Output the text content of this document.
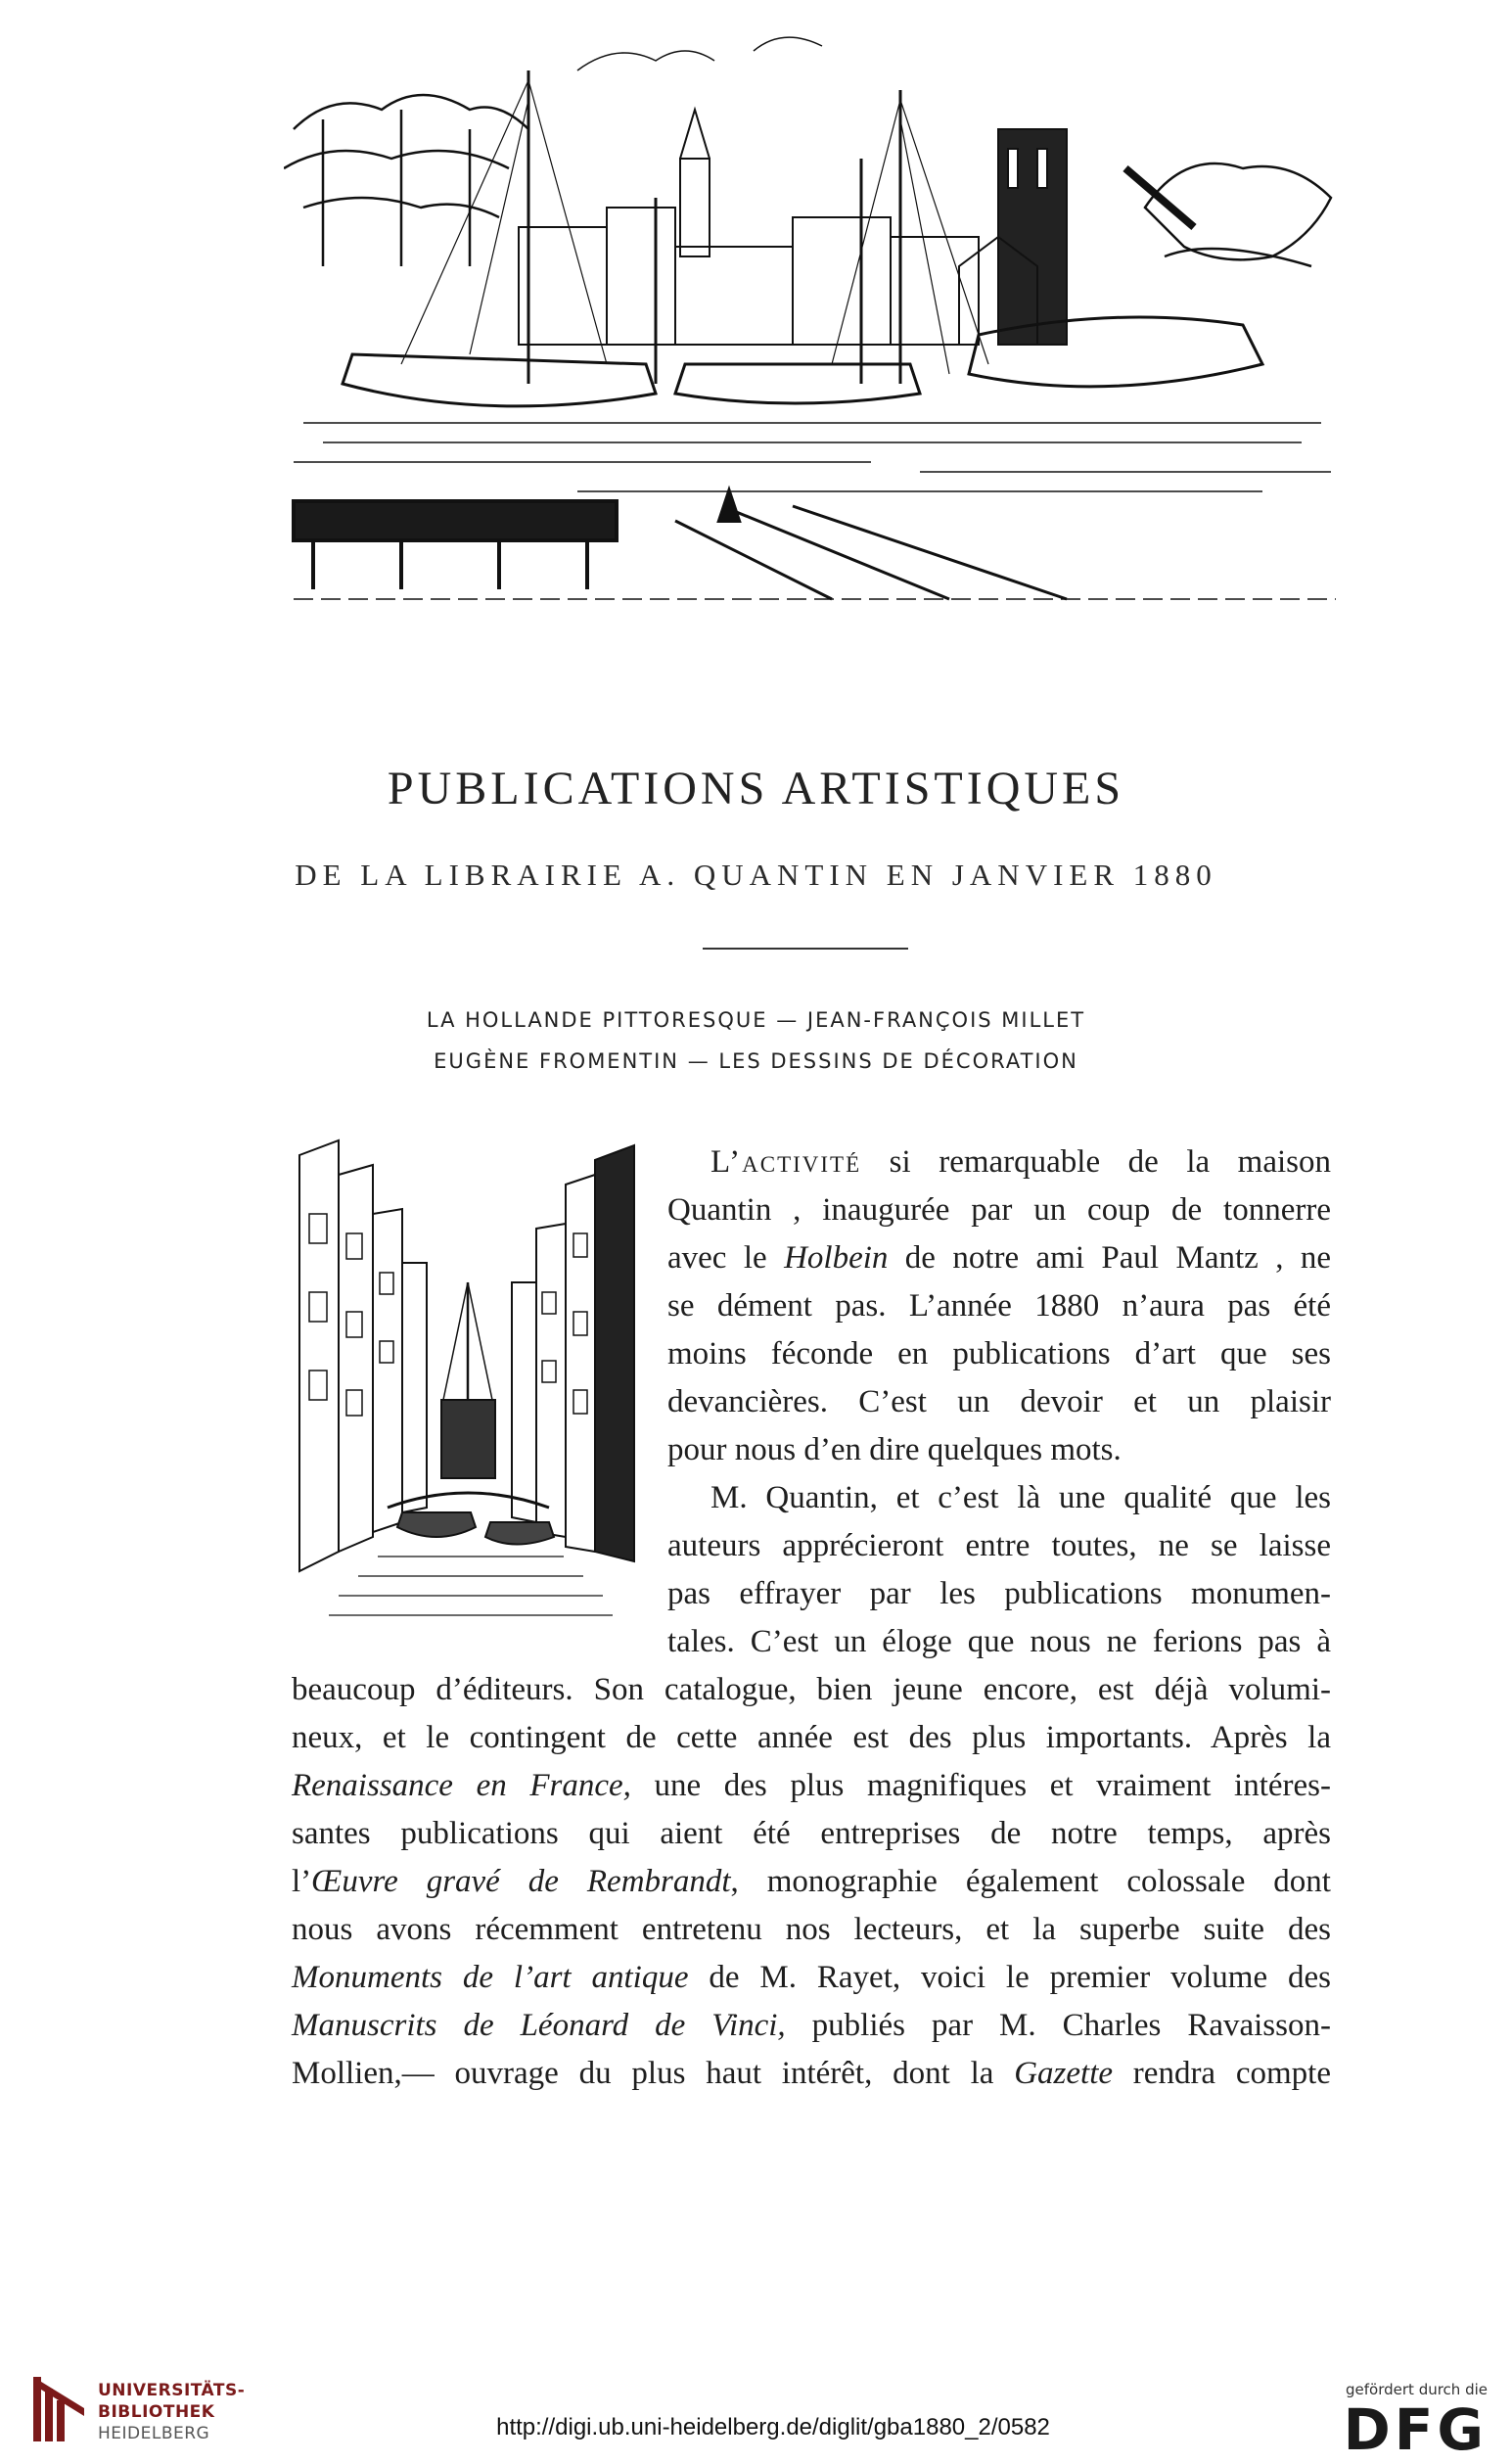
PUBLICATIONS ARTISTIQUES
DE LA LIBRAIRIE A. QUANTIN EN JANVIER 1880
LA HOLLANDE PITTORESQUE — JEAN-FRANÇOIS MILLET
EUGÈNE FROMENTIN — LES DESSINS DE DÉCORATION
L’activité si remarquable de la maison
Quantin , inaugurée par un coup de tonnerre
avec le Holbein de notre ami Paul Mantz , ne
se dément pas. L’année 1880 n’aura pas été
moins féconde en publications d’art que ses
devancières. C’est un devoir et un plaisir
pour nous d’en dire quelques mots.
M. Quantin, et c’est là une qualité que les
auteurs apprécieront entre toutes, ne se laisse
pas effrayer par les publications monumen-
tales. C’est un éloge que nous ne ferions pas à
beaucoup d’éditeurs. Son catalogue, bien jeune encore, est déjà volumi-
neux, et le contingent de cette année est des plus importants. Après la
Renaissance en France, une des plus magnifiques et vraiment intéres-
santes publications qui aient été entreprises de notre temps, après
l’Œuvre gravé de Rembrandt, monographie également colossale dont
nous avons récemment entretenu nos lecteurs, et la superbe suite des
Monuments de l’art antique de M. Rayet, voici le premier volume des
Manuscrits de Léonard de Vinci, publiés par M. Charles Ravaisson-
Mollien,— ouvrage du plus haut intérêt, dont la Gazette rendra compte
UNIVERSITÄTS-
BIBLIOTHEK
HEIDELBERG	http://digi.ub.uni-heidelberg.de/diglit/gba1880_2/0582
gefördert durch die
DFG
